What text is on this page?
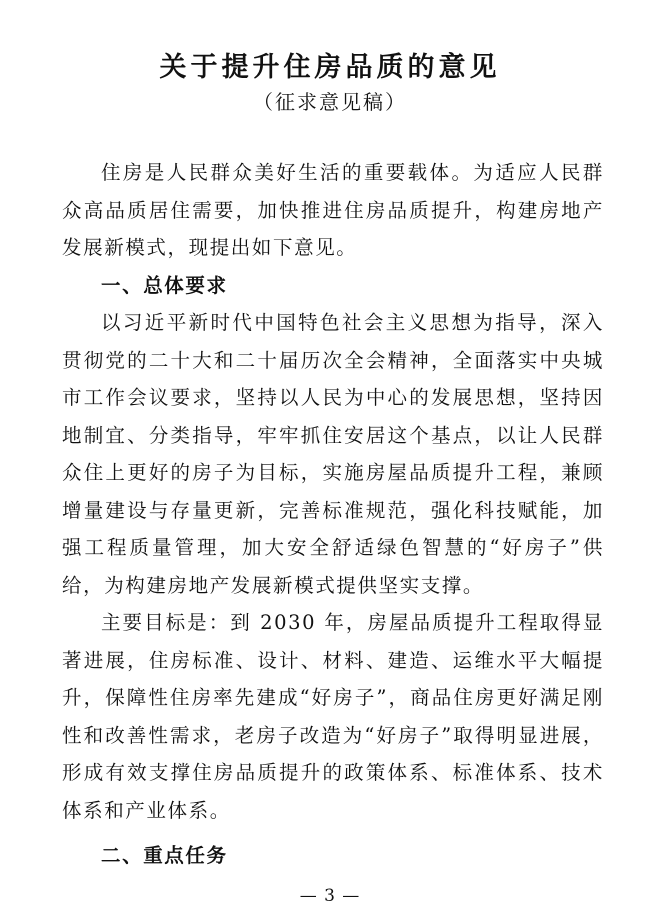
关于提升住房品质的意见
（征求意见稿）

住房是人民群众美好生活的重要载体。为适应人民群众高品质居住需要，加快推进住房品质提升，构建房地产发展新模式，现提出如下意见。

一、总体要求

以习近平新时代中国特色社会主义思想为指导，深入贯彻党的二十大和二十届历次全会精神，全面落实中央城市工作会议要求，坚持以人民为中心的发展思想，坚持因地制宜、分类指导，牢牢抓住安居这个基点，以让人民群众住上更好的房子为目标，实施房屋品质提升工程，兼顾增量建设与存量更新，完善标准规范，强化科技赋能，加强工程质量管理，加大安全舒适绿色智慧的“好房子”供给，为构建房地产发展新模式提供坚实支撑。

主要目标是：到 2030 年，房屋品质提升工程取得显著进展，住房标准、设计、材料、建造、运维水平大幅提升，保障性住房率先建成“好房子”，商品住房更好满足刚性和改善性需求，老房子改造为“好房子”取得明显进展，形成有效支撑住房品质提升的政策体系、标准体系、技术体系和产业体系。

二、重点任务
— 3 —
